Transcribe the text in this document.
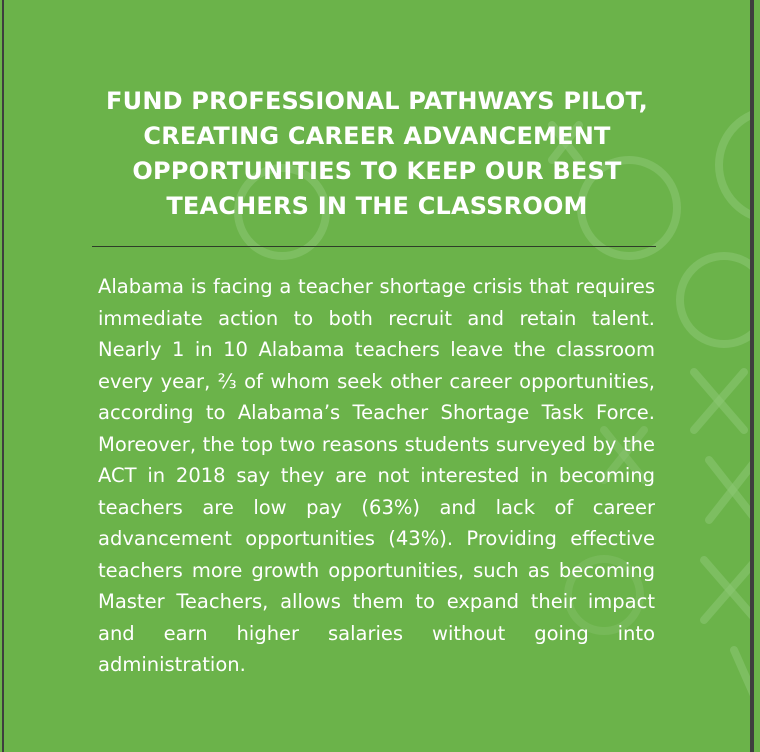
FUND PROFESSIONAL PATHWAYS PILOT, CREATING CAREER ADVANCEMENT OPPORTUNITIES TO KEEP OUR BEST TEACHERS IN THE CLASSROOM

Alabama is facing a teacher shortage crisis that requires immediate action to both recruit and retain talent. Nearly 1 in 10 Alabama teachers leave the classroom every year, ⅔ of whom seek other career opportunities, according to Alabama’s Teacher Shortage Task Force. Moreover, the top two reasons students surveyed by the ACT in 2018 say they are not interested in becoming teachers are low pay (63%) and lack of career advancement opportunities (43%). Providing effective teachers more growth opportunities, such as becoming Master Teachers, allows them to expand their impact and earn higher salaries without going into administration.
